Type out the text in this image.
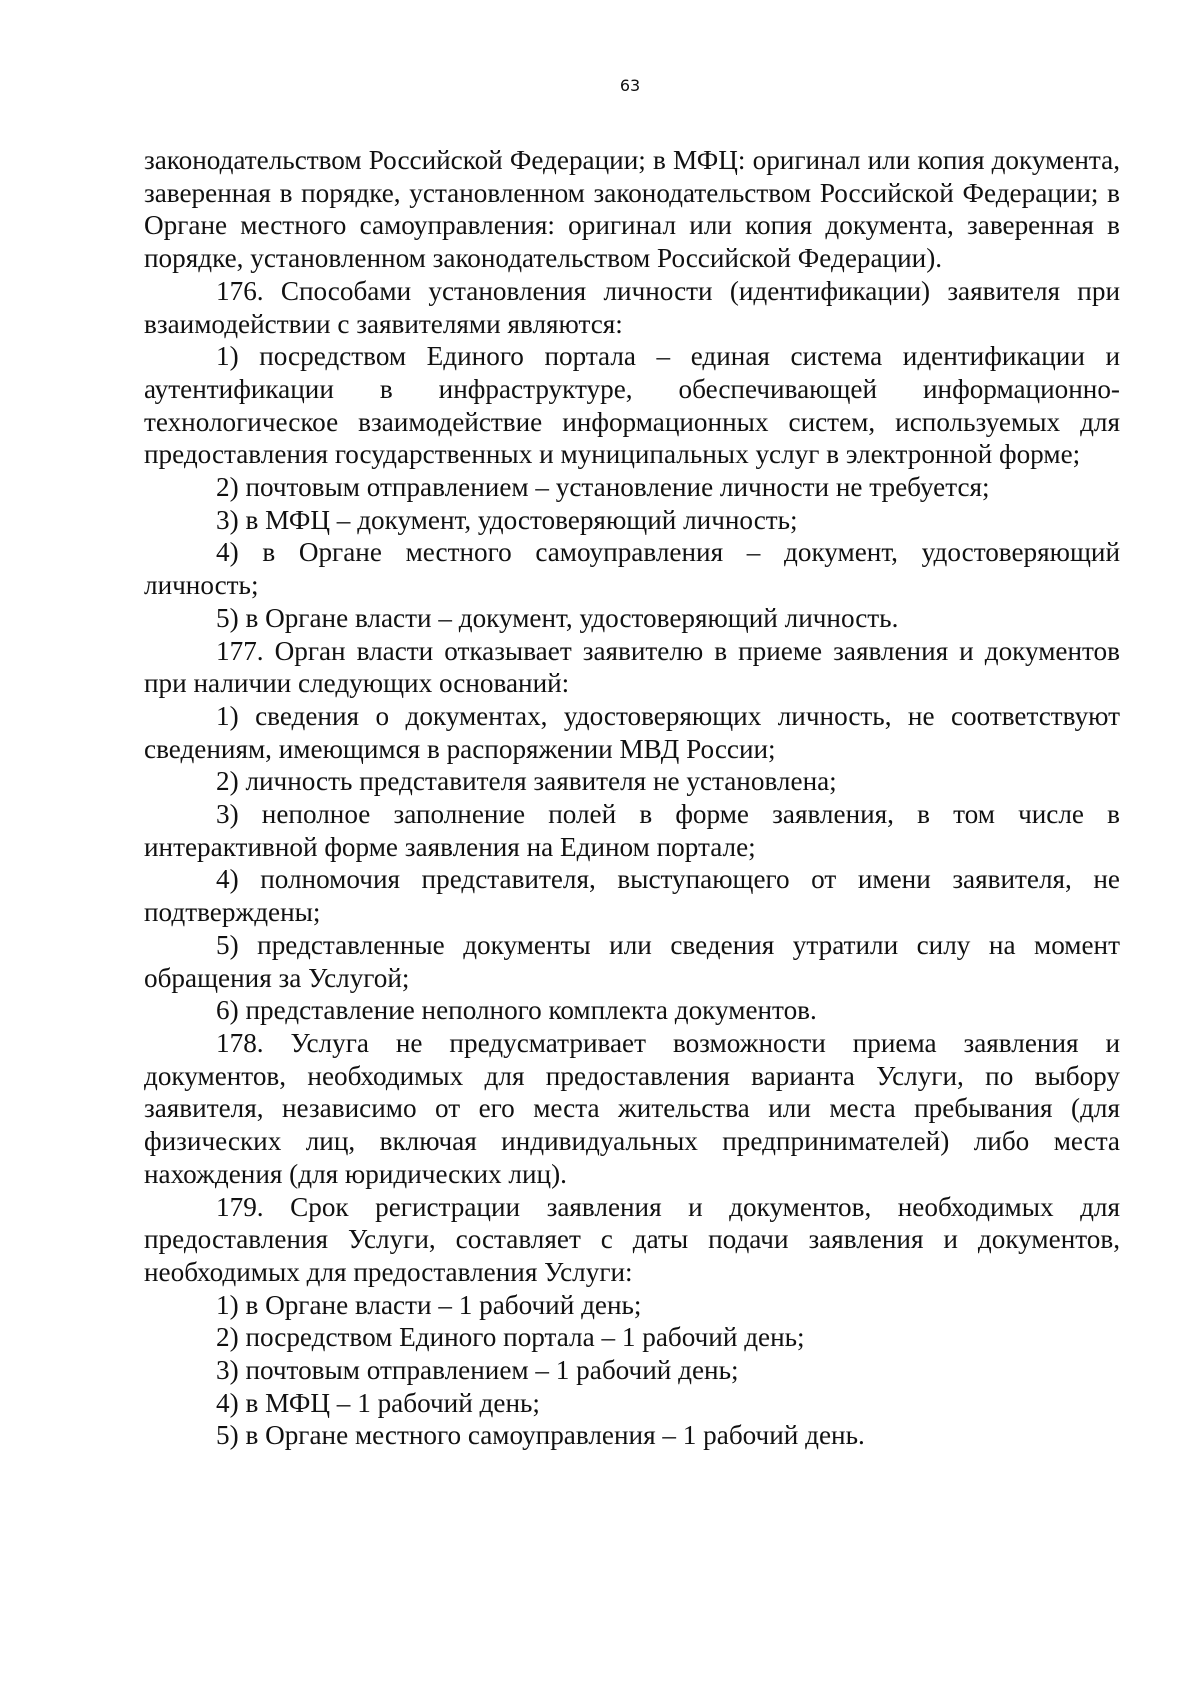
63

законодательством Российской Федерации; в МФЦ: оригинал или копия документа, заверенная в порядке, установленном законодательством Российской Федерации; в Органе местного самоуправления: оригинал или копия документа, заверенная в порядке, установленном законодательством Российской Федерации).

176. Способами установления личности (идентификации) заявителя при взаимодействии с заявителями являются:

1) посредством Единого портала – единая система идентификации и аутентификации в инфраструктуре, обеспечивающей информационно-технологическое взаимодействие информационных систем, используемых для предоставления государственных и муниципальных услуг в электронной форме;

2) почтовым отправлением – установление личности не требуется;

3) в МФЦ – документ, удостоверяющий личность;

4) в Органе местного самоуправления – документ, удостоверяющий личность;

5) в Органе власти – документ, удостоверяющий личность.

177. Орган власти отказывает заявителю в приеме заявления и документов при наличии следующих оснований:

1) сведения о документах, удостоверяющих личность, не соответствуют сведениям, имеющимся в распоряжении МВД России;

2) личность представителя заявителя не установлена;

3) неполное заполнение полей в форме заявления, в том числе в интерактивной форме заявления на Едином портале;

4) полномочия представителя, выступающего от имени заявителя, не подтверждены;

5) представленные документы или сведения утратили силу на момент обращения за Услугой;

6) представление неполного комплекта документов.

178. Услуга не предусматривает возможности приема заявления и документов, необходимых для предоставления варианта Услуги, по выбору заявителя, независимо от его места жительства или места пребывания (для физических лиц, включая индивидуальных предпринимателей) либо места нахождения (для юридических лиц).

179. Срок регистрации заявления и документов, необходимых для предоставления Услуги, составляет с даты подачи заявления и документов, необходимых для предоставления Услуги:

1) в Органе власти – 1 рабочий день;

2) посредством Единого портала – 1 рабочий день;

3) почтовым отправлением – 1 рабочий день;

4) в МФЦ – 1 рабочий день;

5) в Органе местного самоуправления – 1 рабочий день.
